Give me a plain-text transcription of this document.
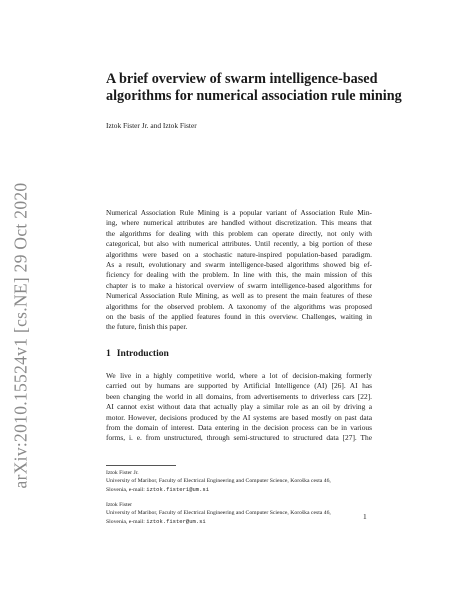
arXiv:2010.15524v1 [cs.NE] 29 Oct 2020
A brief overview of swarm intelligence-based
algorithms for numerical association rule mining
Iztok Fister Jr. and Iztok Fister
Numerical Association Rule Mining is a popular variant of Association Rule Min-
ing, where numerical attributes are handled without discretization. This means that
the algorithms for dealing with this problem can operate directly, not only with
categorical, but also with numerical attributes. Until recently, a big portion of these
algorithms were based on a stochastic nature-inspired population-based paradigm.
As a result, evolutionary and swarm intelligence-based algorithms showed big ef-
ficiency for dealing with the problem. In line with this, the main mission of this
chapter is to make a historical overview of swarm intelligence-based algorithms for
Numerical Association Rule Mining, as well as to present the main features of these
algorithms for the observed problem. A taxonomy of the algorithms was proposed
on the basis of the applied features found in this overview. Challenges, waiting in
the future, finish this paper.
1 Introduction
We live in a highly competitive world, where a lot of decision-making formerly
carried out by humans are supported by Artificial Intelligence (AI) [26]. AI has
been changing the world in all domains, from advertisements to driverless cars [22].
AI cannot exist without data that actually play a similar role as an oil by driving a
motor. However, decisions produced by the AI systems are based mostly on past data
from the domain of interest. Data entering in the decision process can be in various
forms, i. e. from unstructured, through semi-structured to structured data [27]. The
Iztok Fister Jr.
University of Maribor, Faculty of Electrical Engineering and Computer Science, Koroška cesta 46,
Slovenia, e-mail: iztok.fister1@um.si
Iztok Fister
University of Maribor, Faculty of Electrical Engineering and Computer Science, Koroška cesta 46,
Slovenia, e-mail: iztok.fister@um.si
1
